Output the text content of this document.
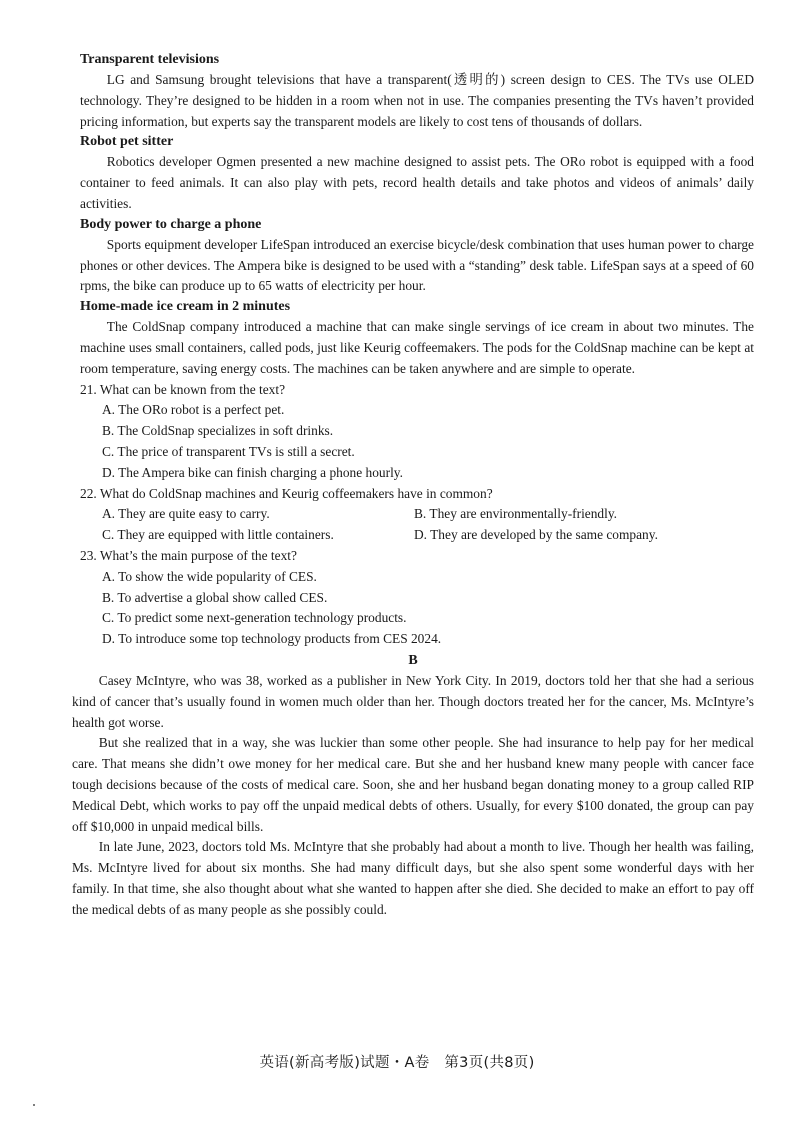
Transparent televisions

LG and Samsung brought televisions that have a transparent(透明的) screen design to CES. The TVs use OLED technology. They’re designed to be hidden in a room when not in use. The companies presenting the TVs haven’t provided pricing information, but experts say the transparent models are likely to cost tens of thousands of dollars.

Robot pet sitter

Robotics developer Ogmen presented a new machine designed to assist pets. The ORo robot is equipped with a food container to feed animals. It can also play with pets, record health details and take photos and videos of animals’ daily activities.

Body power to charge a phone

Sports equipment developer LifeSpan introduced an exercise bicycle/desk combination that uses human power to charge phones or other devices. The Ampera bike is designed to be used with a “standing” desk table. LifeSpan says at a speed of 60 rpms, the bike can produce up to 65 watts of electricity per hour.

Home-made ice cream in 2 minutes

The ColdSnap company introduced a machine that can make single servings of ice cream in about two minutes. The machine uses small containers, called pods, just like Keurig coffeemakers. The pods for the ColdSnap machine can be kept at room temperature, saving energy costs. The machines can be taken anywhere and are simple to operate.

21. What can be known from the text?

A. The ORo robot is a perfect pet.

B. The ColdSnap specializes in soft drinks.

C. The price of transparent TVs is still a secret.

D. The Ampera bike can finish charging a phone hourly.

22. What do ColdSnap machines and Keurig coffeemakers have in common?

A. They are quite easy to carry.	B. They are environmentally-friendly.
C. They are equipped with little containers.	D. They are developed by the same company.

23. What’s the main purpose of the text?

A. To show the wide popularity of CES.

B. To advertise a global show called CES.

C. To predict some next-generation technology products.

D. To introduce some top technology products from CES 2024.

B

Casey McIntyre, who was 38, worked as a publisher in New York City. In 2019, doctors told her that she had a serious kind of cancer that’s usually found in women much older than her. Though doctors treated her for the cancer, Ms. McIntyre’s health got worse.

But she realized that in a way, she was luckier than some other people. She had insurance to help pay for her medical care. That means she didn’t owe money for her medical care. But she and her husband knew many people with cancer face tough decisions because of the costs of medical care. Soon, she and her husband began donating money to a group called RIP Medical Debt, which works to pay off the unpaid medical debts of others. Usually, for every $100 donated, the group can pay off $10,000 in unpaid medical bills.

In late June, 2023, doctors told Ms. McIntyre that she probably had about a month to live. Though her health was failing, Ms. McIntyre lived for about six months. She had many difficult days, but she also spent some wonderful days with her family. In that time, she also thought about what she wanted to happen after she died. She decided to make an effort to pay off the medical debts of as many people as she possibly could.

英语(新高考版)试题・A卷　第3页(共8页)
